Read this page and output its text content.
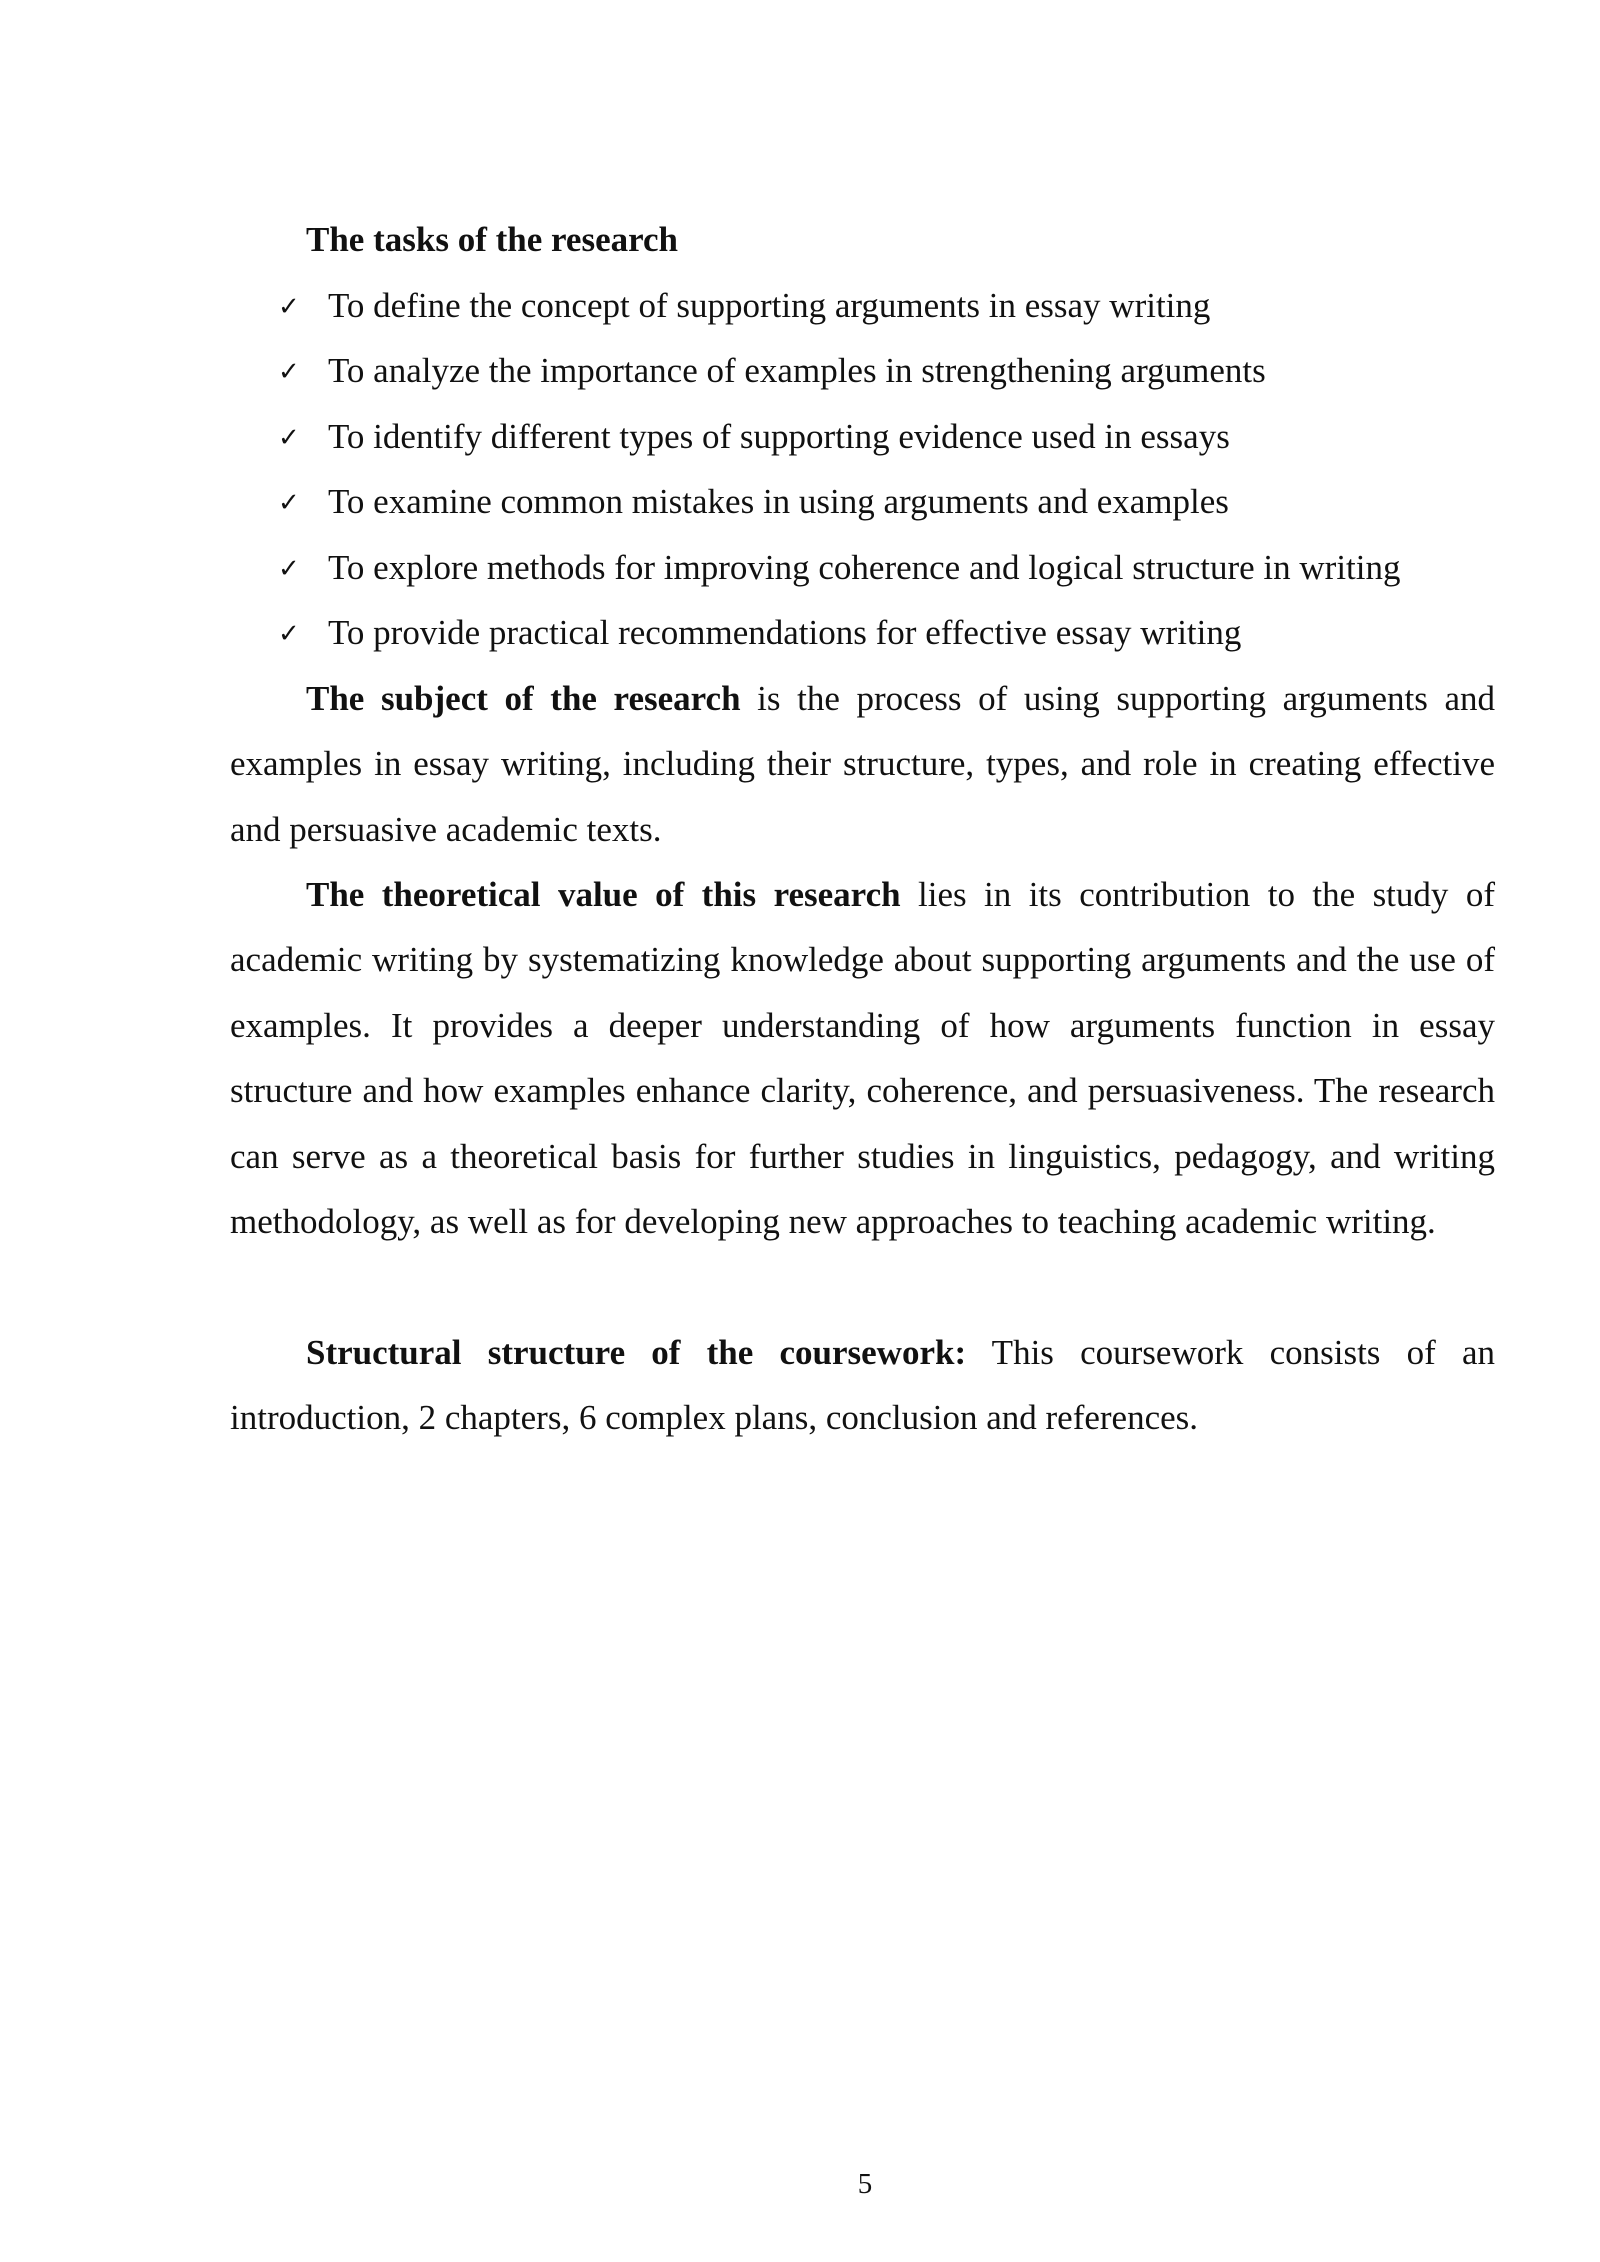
The tasks of the research
✓ To define the concept of supporting arguments in essay writing
✓ To analyze the importance of examples in strengthening arguments
✓ To identify different types of supporting evidence used in essays
✓ To examine common mistakes in using arguments and examples
✓ To explore methods for improving coherence and logical structure in writing
✓ To provide practical recommendations for effective essay writing

The subject of the research is the process of using supporting arguments and examples in essay writing, including their structure, types, and role in creating effective and persuasive academic texts.

The theoretical value of this research lies in its contribution to the study of academic writing by systematizing knowledge about supporting arguments and the use of examples. It provides a deeper understanding of how arguments function in essay structure and how examples enhance clarity, coherence, and persuasiveness. The research can serve as a theoretical basis for further studies in linguistics, pedagogy, and writing methodology, as well as for developing new approaches to teaching academic writing.

Structural structure of the coursework: This coursework consists of an introduction, 2 chapters, 6 complex plans, conclusion and references.

5
